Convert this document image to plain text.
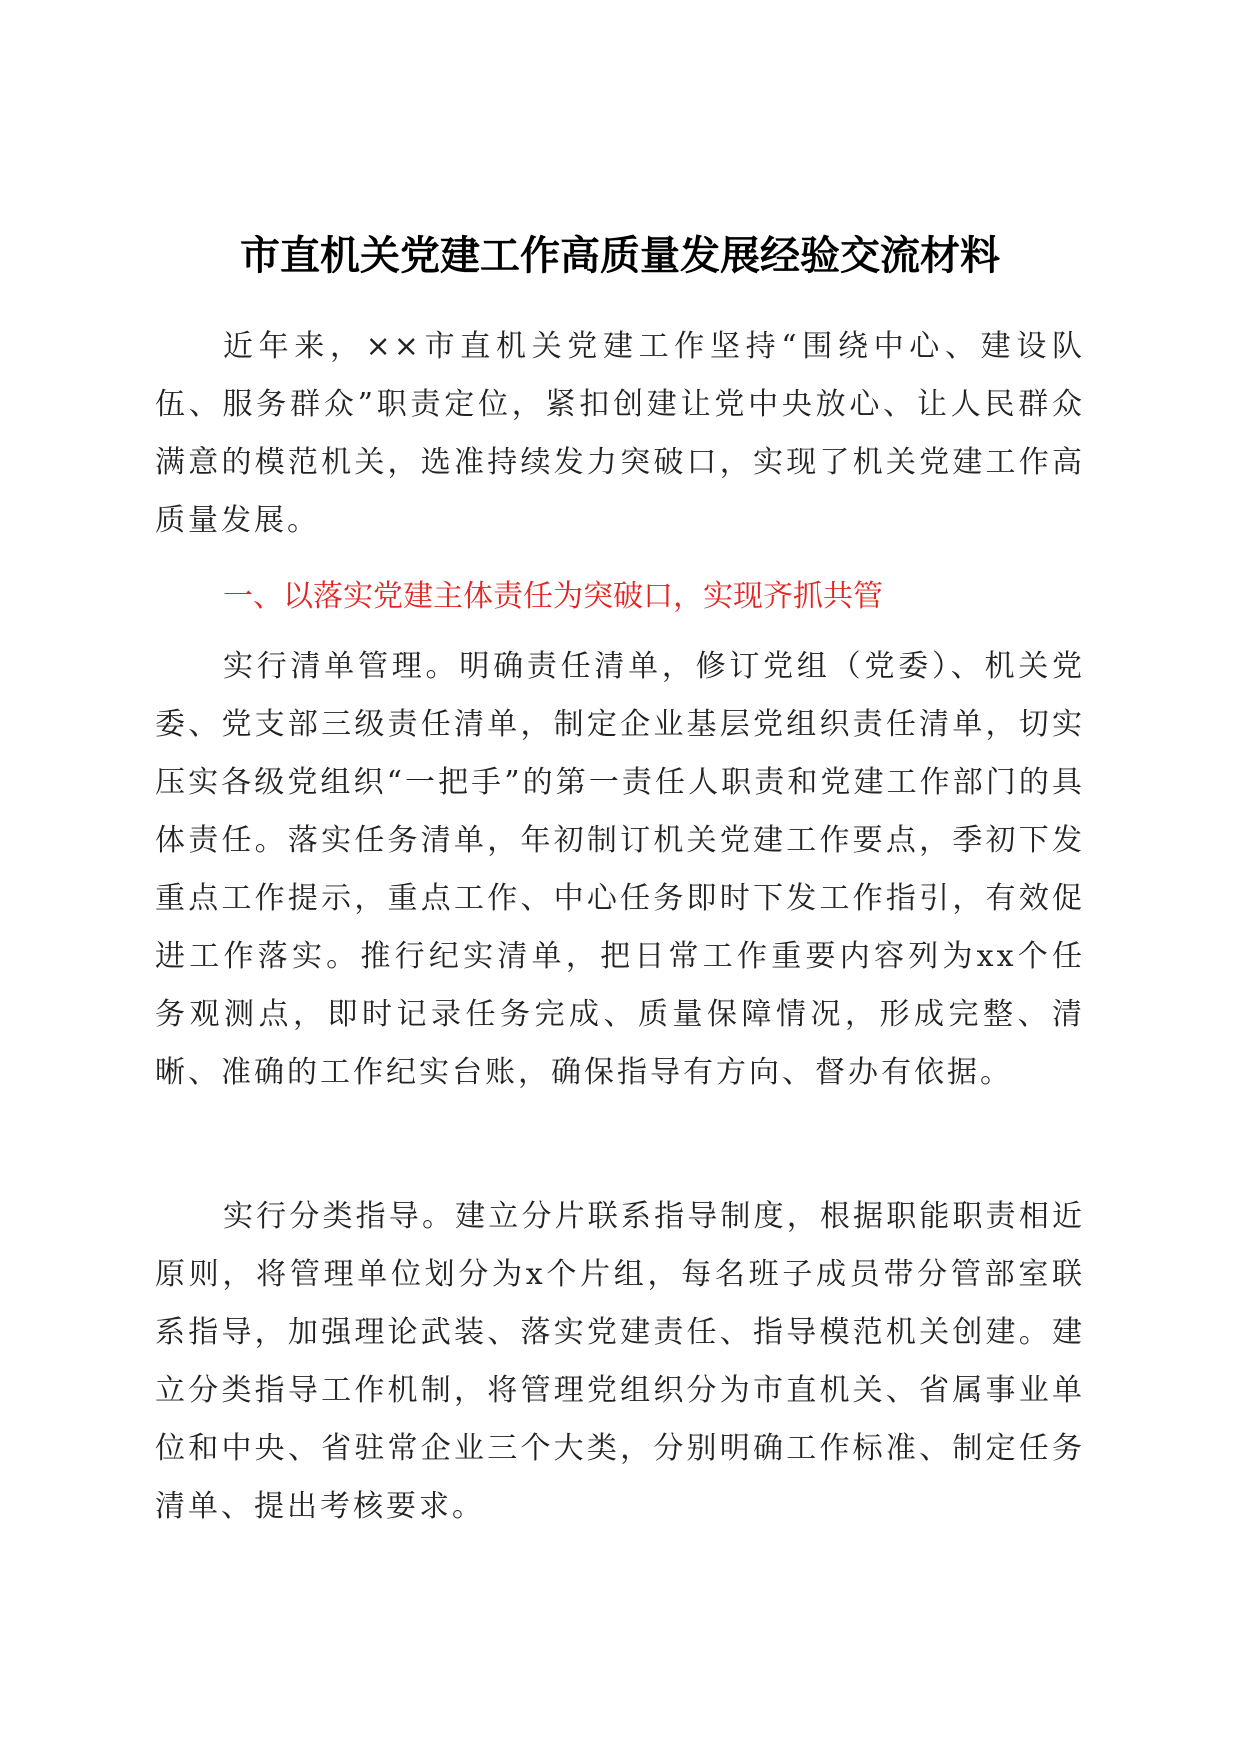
市直机关党建工作高质量发展经验交流材料

近年来，××市直机关党建工作坚持“围绕中心、建设队伍、服务群众”职责定位，紧扣创建让党中央放心、让人民群众满意的模范机关，选准持续发力突破口，实现了机关党建工作高质量发展。

一、以落实党建主体责任为突破口，实现齐抓共管

实行清单管理。明确责任清单，修订党组（党委）、机关党委、党支部三级责任清单，制定企业基层党组织责任清单，切实压实各级党组织“一把手”的第一责任人职责和党建工作部门的具体责任。落实任务清单，年初制订机关党建工作要点，季初下发重点工作提示，重点工作、中心任务即时下发工作指引，有效促进工作落实。推行纪实清单，把日常工作重要内容列为xx个任务观测点，即时记录任务完成、质量保障情况，形成完整、清晰、准确的工作纪实台账，确保指导有方向、督办有依据。

实行分类指导。建立分片联系指导制度，根据职能职责相近原则，将管理单位划分为x个片组，每名班子成员带分管部室联系指导，加强理论武装、落实党建责任、指导模范机关创建。建立分类指导工作机制，将管理党组织分为市直机关、省属事业单位和中央、省驻常企业三个大类，分别明确工作标准、制定任务清单、提出考核要求。
